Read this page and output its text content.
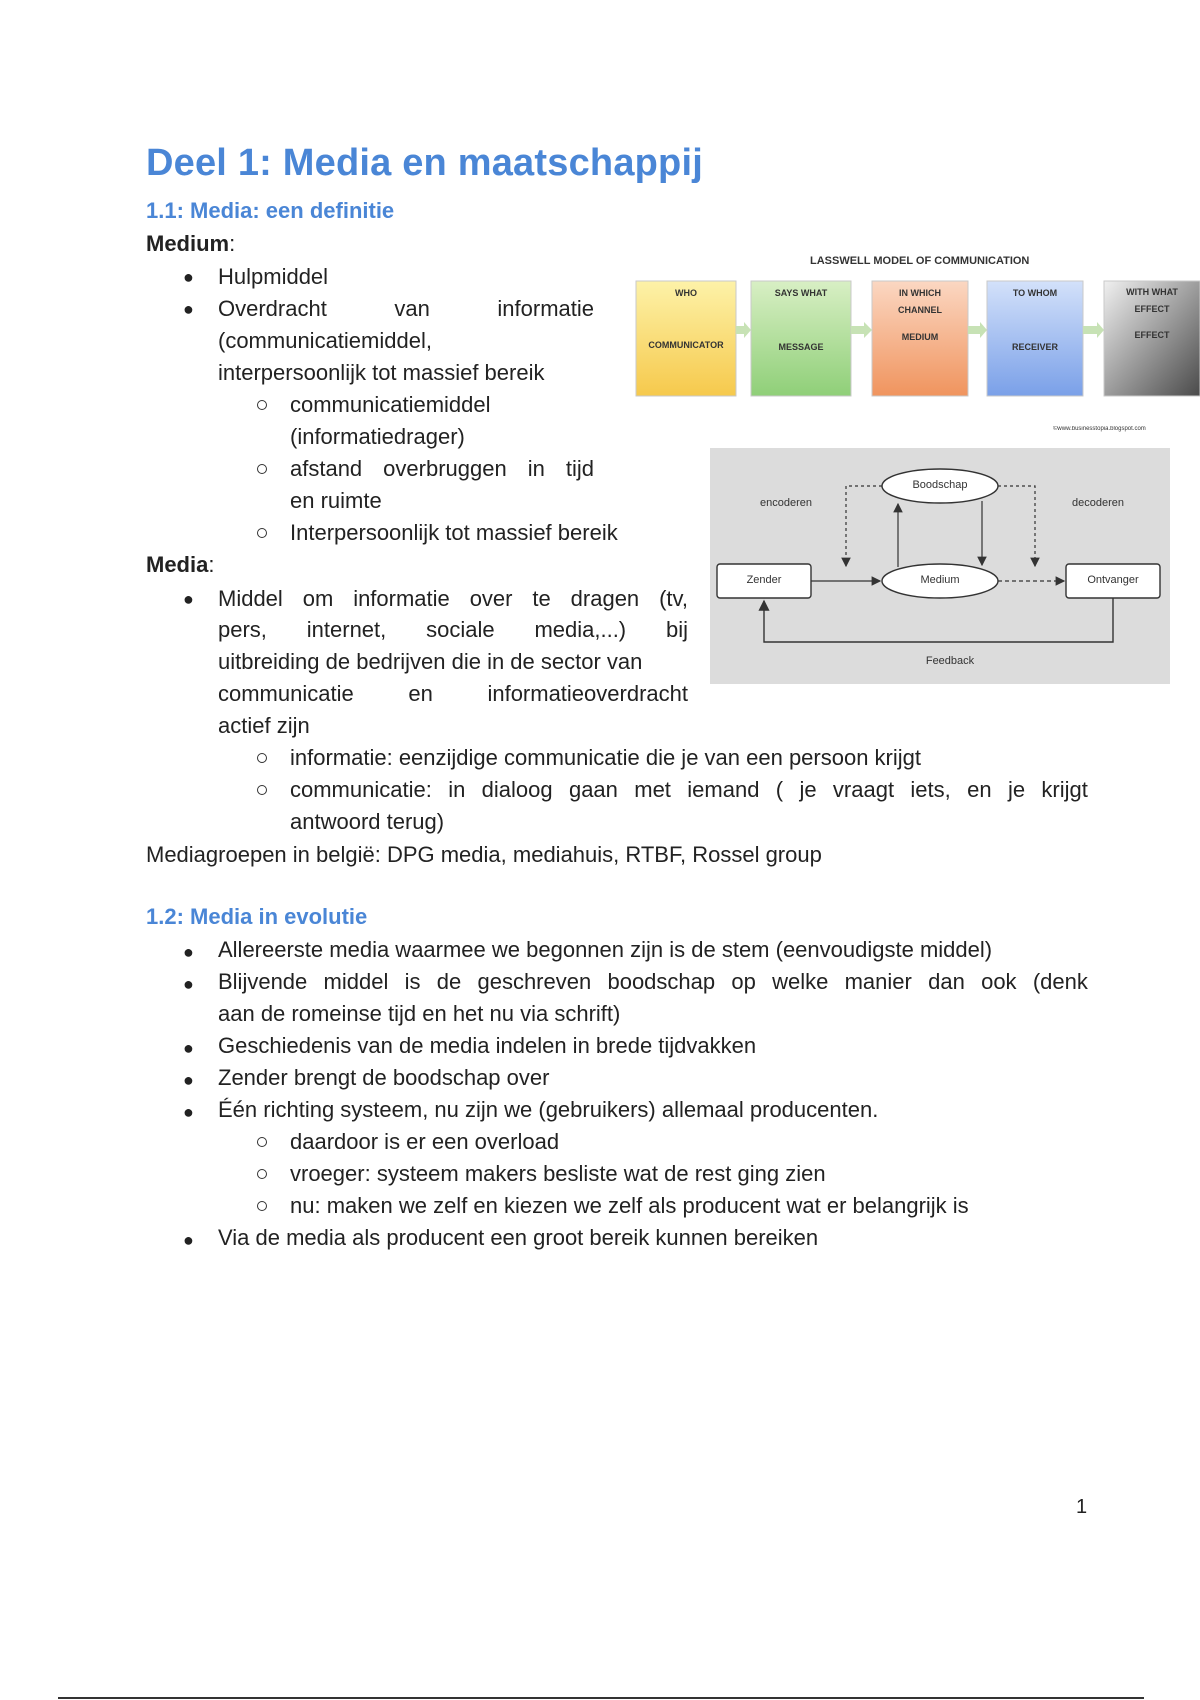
Deel 1: Media en maatschappij
1.1: Media: een definitie
Medium:
● Hulpmiddel
● Overdracht	van	informatie
(communicatiemiddel,
interpersoonlijk tot massief bereik
communicatiemiddel
(informatiedrager)
afstand overbruggen in tijd
en ruimte
Interpersoonlijk tot massief bereik
Media:
● Middel om informatie over te dragen (tv,
pers, internet, sociale media,...) bij
uitbreiding de bedrijven die in de sector van
communicatie en informatieoverdracht
actief zijn
informatie: eenzijdige communicatie die je van een persoon krijgt
communicatie: in dialoog gaan met iemand ( je vraagt iets, en je krijgt
antwoord terug)
Mediagroepen in belgië: DPG media, mediahuis, RTBF, Rossel group
LASSWELL MODEL OF COMMUNICATION
WHO
COMMUNICATOR
SAYS WHAT
MESSAGE
IN WHICH
CHANNEL
MEDIUM
TO WHOM
RECEIVER
WITH WHAT
EFFECT
EFFECT
©www.businesstopia.blogspot.com
Boodschap
encoderen	decoderen
Zender	Medium	Ontvanger
Feedback
1.2: Media in evolutie
● Allereerste media waarmee we begonnen zijn is de stem (eenvoudigste middel)
● Blijvende middel is de geschreven boodschap op welke manier dan ook (denk
aan de romeinse tijd en het nu via schrift)
● Geschiedenis van de media indelen in brede tijdvakken
● Zender brengt de boodschap over
● Één richting systeem, nu zijn we (gebruikers) allemaal producenten.
daardoor is er een overload
vroeger: systeem makers besliste wat de rest ging zien
nu: maken we zelf en kiezen we zelf als producent wat er belangrijk is
● Via de media als producent een groot bereik kunnen bereiken
1
